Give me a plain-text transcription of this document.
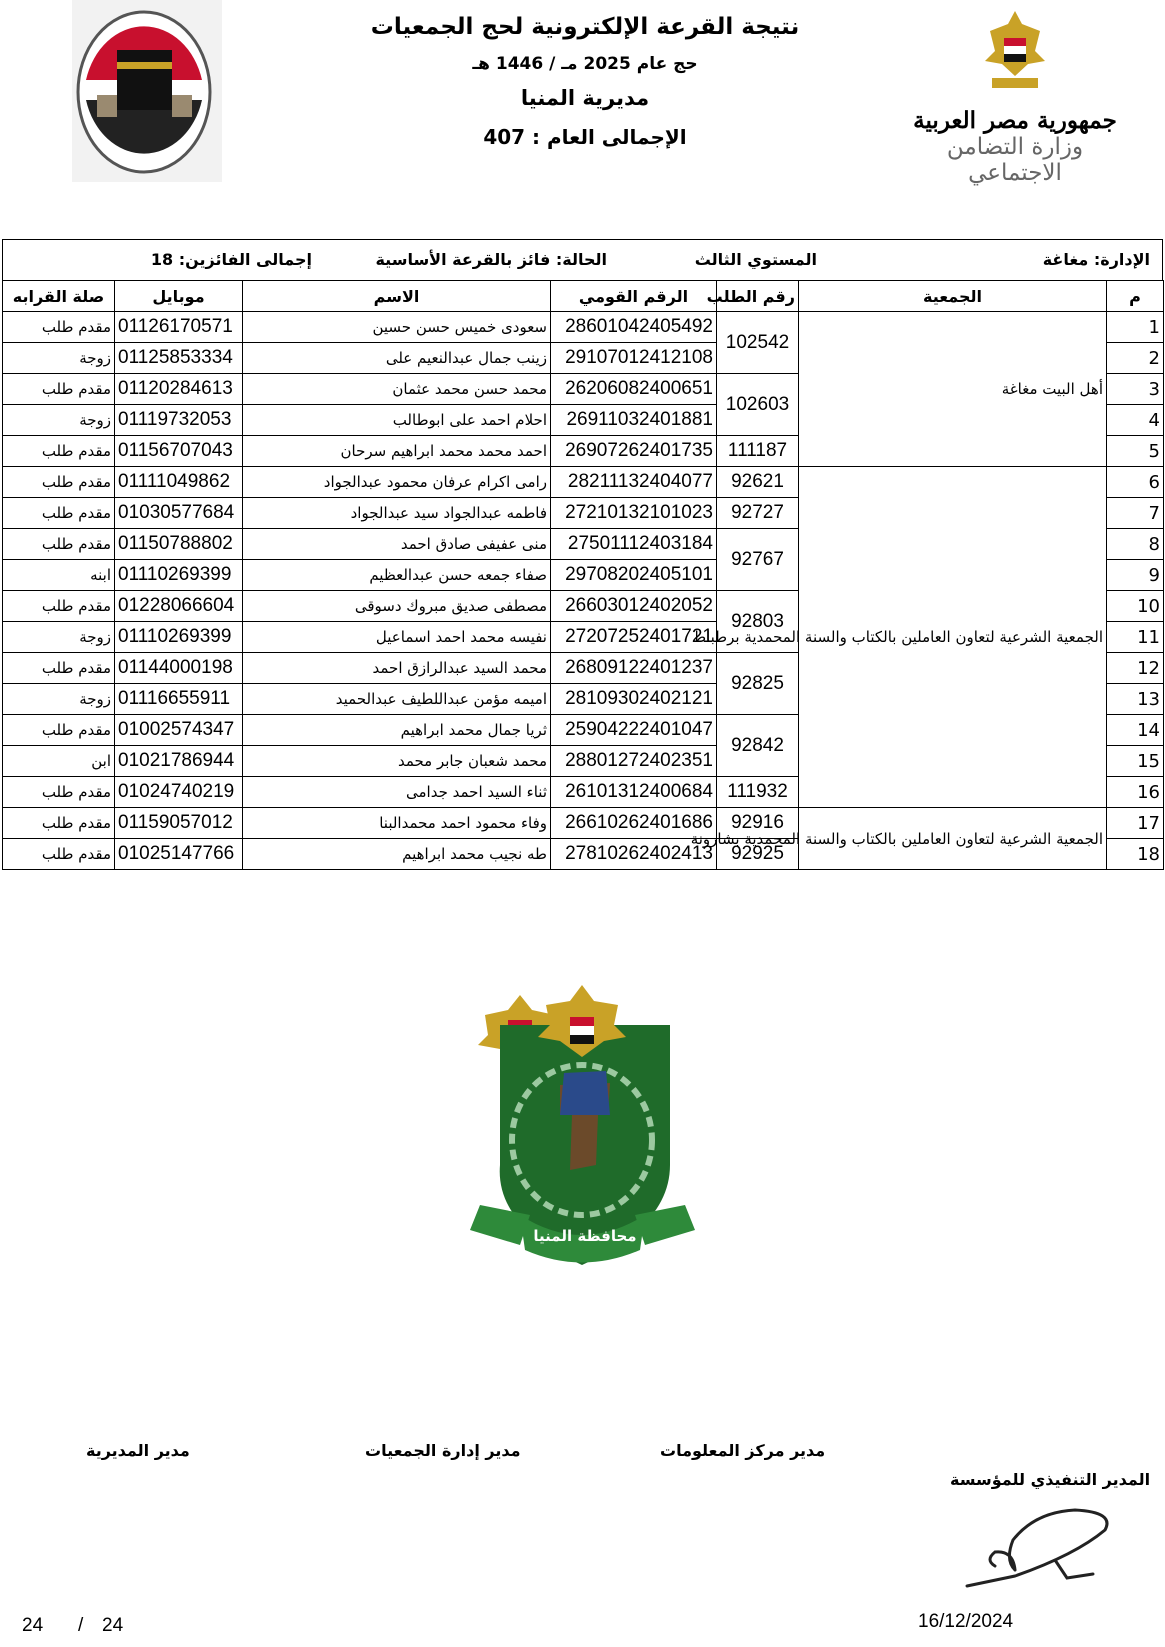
نتيجة القرعة الإلكترونية لحج الجمعيات
حج عام 2025 مـ / 1446 هـ
مديرية المنيا
الإجمالى العام : 407
جمهورية مصر العربية
وزارة التضامن الاجتماعي
الإدارة: مغاغة
المستوي الثالث
الحالة: فائز بالقرعة الأساسية
إجمالى الفائزين: 18
م	الجمعية	رقم الطلب	الرقم القومي	الاسم	موبايل	صلة القرابه
1	أهل البيت مغاغة	102542	28601042405492	سعودى خميس حسن حسين	01126170571	مقدم طلب
2			29107012412108	زينب جمال عبدالنعيم على	01125853334	زوجة
3		102603	26206082400651	محمد حسن محمد عثمان	01120284613	مقدم طلب
4			26911032401881	احلام احمد على ابوطالب	01119732053	زوجة
5		111187	26907262401735	احمد محمد محمد ابراهيم سرحان	01156707043	مقدم طلب
6	الجمعية الشرعية لتعاون العاملين بالكتاب والسنة المحمدية برطباط	92621	28211132404077	رامى اكرام عرفان محمود عبدالجواد	01111049862	مقدم طلب
7		92727	27210132101023	فاطمه عبدالجواد سيد عبدالجواد	01030577684	مقدم طلب
8		92767	27501112403184	منى عفيفى صادق احمد	01150788802	مقدم طلب
9			29708202405101	صفاء جمعه حسن عبدالعظيم	01110269399	ابنه
10		92803	26603012402052	مصطفى صديق مبروك دسوقى	01228066604	مقدم طلب
11			27207252401721	نفيسه محمد احمد اسماعيل	01110269399	زوجة
12		92825	26809122401237	محمد السيد عبدالرازق احمد	01144000198	مقدم طلب
13			28109302402121	اميمه مؤمن عبداللطيف عبدالحميد	01116655911	زوجة
14		92842	25904222401047	ثريا جمال محمد ابراهيم	01002574347	مقدم طلب
15			28801272402351	محمد شعبان جابر محمد	01021786944	ابن
16		111932	26101312400684	ثناء السيد احمد جدامى	01024740219	مقدم طلب
17	الجمعية الشرعية لتعاون العاملين بالكتاب والسنة المحمدية بشارونة	92916	26610262401686	وفاء محمود احمد محمدالبنا	01159057012	مقدم طلب
18		92925	27810262402413	طه نجيب محمد ابراهيم	01025147766	مقدم طلب
محافظة المنيا
مدير المديرية	مدير إدارة الجمعيات	مدير مركز المعلومات
المدير التنفيذي للمؤسسة
16/12/2024
24 / 24
